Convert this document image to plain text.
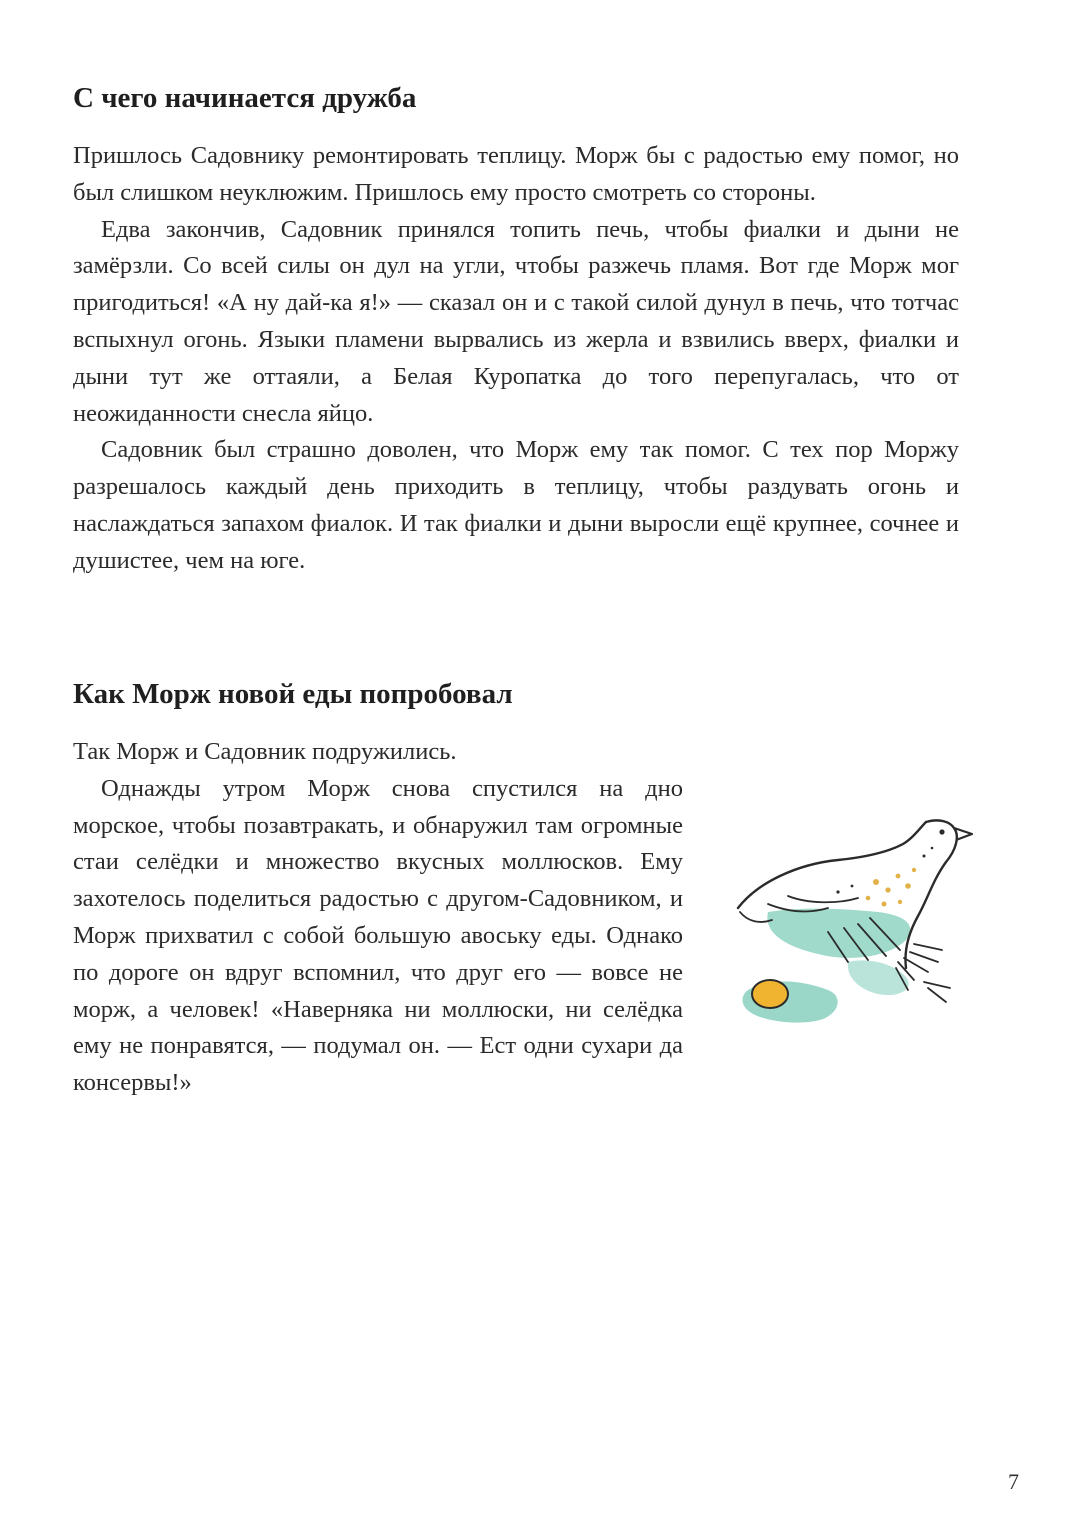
С чего начинается дружба

Пришлось Садовнику ремонтировать теплицу. Морж бы с радостью ему помог, но был слишком неуклюжим. Пришлось ему просто смотреть со стороны.

Едва закончив, Садовник принялся топить печь, чтобы фиалки и дыни не замёрзли. Со всей силы он дул на угли, чтобы разжечь пламя. Вот где Морж мог пригодиться! «А ну дай-ка я!» — сказал он и с такой силой дунул в печь, что тотчас вспыхнул огонь. Языки пламени вырвались из жерла и взвились вверх, фиалки и дыни тут же оттаяли, а Белая Куропатка до того перепугалась, что от неожиданности снесла яйцо.

Садовник был страшно доволен, что Морж ему так помог. С тех пор Моржу разрешалось каждый день приходить в теплицу, чтобы раздувать огонь и наслаждаться запахом фиалок. И так фиалки и дыни выросли ещё крупнее, сочнее и душистее, чем на юге.

Как Морж новой еды попробовал

Так Морж и Садовник подружились.

Однажды утром Морж снова спустился на дно морское, чтобы позавтракать, и обнаружил там огромные стаи селёдки и множество вкусных моллюсков. Ему захотелось поделиться радостью с другом-Садовником, и Морж прихватил с собой большую авоську еды. Однако по дороге он вдруг вспомнил, что друг его — вовсе не морж, а человек! «Наверняка ни моллюски, ни селёдка ему не понравятся, — подумал он. — Ест одни сухари да консервы!»

7
